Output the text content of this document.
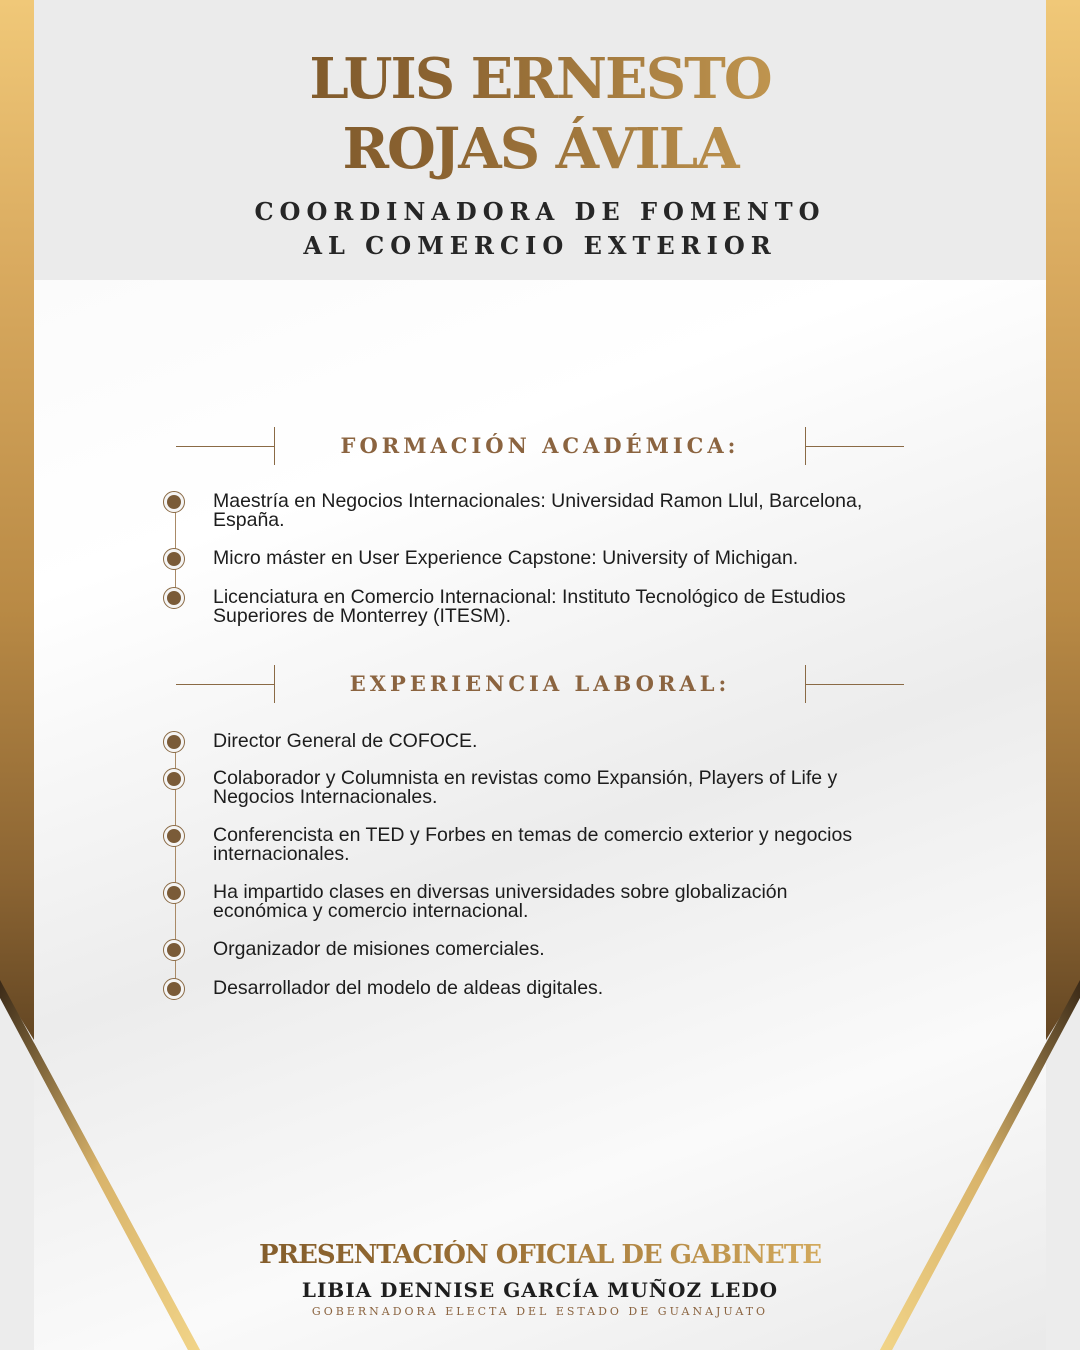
LUIS ERNESTO
ROJAS ÁVILA
COORDINADORA DE FOMENTO
AL COMERCIO EXTERIOR
FORMACIÓN ACADÉMICA:
Maestría en Negocios Internacionales: Universidad Ramon Llul, Barcelona, España.
Micro máster en User Experience Capstone: University of Michigan.
Licenciatura en Comercio Internacional: Instituto Tecnológico de Estudios Superiores de Monterrey (ITESM).
EXPERIENCIA LABORAL:
Director General de COFOCE.
Colaborador y Columnista en revistas como Expansión, Players of Life y Negocios Internacionales.
Conferencista en TED y Forbes en temas de comercio exterior y negocios internacionales.
Ha impartido clases en diversas universidades sobre globalización económica y comercio internacional.
Organizador de misiones comerciales.
Desarrollador del modelo de aldeas digitales.
PRESENTACIÓN OFICIAL DE GABINETE
LIBIA DENNISE GARCÍA MUÑOZ LEDO
GOBERNADORA ELECTA DEL ESTADO DE GUANAJUATO
